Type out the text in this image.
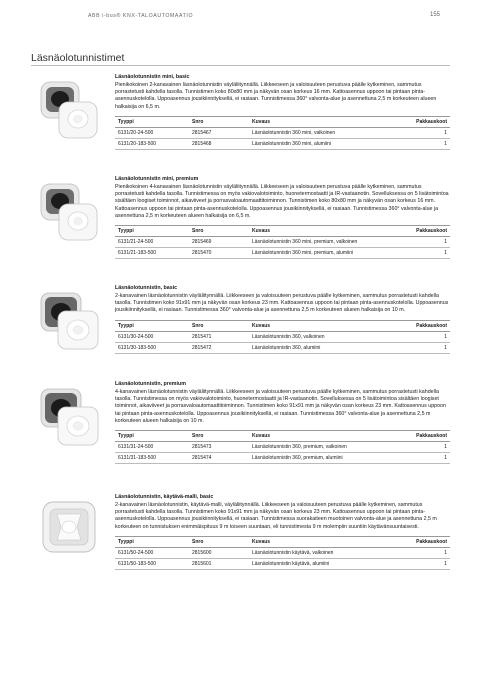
ABB i-bus® KNX-TALOAUTOMAATIO	155
Läsnäolotunnistimet
Läsnäolotunnistin mini, basic

Pienikokoinen 2-kanavainen läsnäolotunnistin väyläliitynnällä. Liikkeeseen ja valoisuuteen perustuva päälle kytkeminen, sammutus porrastetusti kahdella tasolla. Tunnistimen koko 80x80 mm ja näkyvän osan korkeus 16 mm. Kattoasennus uppoon tai pintaan pinta-asennuskotelolla. Uppoasennus jousikiinnityksellä, ei rasiaan. Tunnistimessa 360° valvonta-alue ja asennettuna 2,5 m korkeuteen alueen halkaisija on 6,5 m.

Tyyppi	Snro	Kuvaus	Pakkauskoot
6131/20-24-500	2815467	Läsnäolotunnistin 360 mini, valkoinen	1
6131/20-183-500	2815468	Läsnäolotunnistin 360 mini, alumiini	1
Läsnäolotunnistin mini, premium

Pienikokoinen 4-kanavainen läsnäolotunnistin väyläliitynnällä. Liikkeeseen ja valoisuuteen perustuva päälle kytkeminen, sammutus porrastetusti kahdella tasolla. Tunnistimessa on myös vakiovalotoiminto, huonetermostaatti ja IR-vastaanotin. Sovelluksessa on 5 lisätoimintoa sisältäen loogiset toiminnot, aikaviiveet ja porrasvaloautomaattitoiminnon. Tunnistimen koko 80x80 mm ja näkyvän osan korkeus 16 mm. Kattoasennus uppoon tai pintaan pinta-asennuskotelolla. Uppoasennus jousikiinnityksellä, ei rasiaan. Tunnistimessa 360° valvonta-alue ja asennettuna 2,5 m korkeuteen alueen halkaisija on 6,5 m.

Tyyppi	Snro	Kuvaus	Pakkauskoot
6131/21-24-500	2815469	Läsnäolotunnistin 360 mini, premium, valkoinen	1
6131/21-183-500	2815470	Läsnäolotunnistin 360 mini, premium, alumiini	1
Läsnäolotunnistin, basic

2-kanavainen läsnäolotunnistin väyläliitynnällä. Liikkeeseen ja valoisuuteen perustuva päälle kytkeminen, sammutus porrastetusti kahdella tasolla. Tunnistimen koko 91x91 mm ja näkyvän osan korkeus 23 mm. Kattoasennus uppoon tai pintaan pinta-asennuskotelolla. Uppoasennus jousikiinnityksellä, ei rasiaan. Tunnistimessa 360° valvonta-alue ja asennettuna 2,5 m korkeuteen alueen halkaisija on 10 m.

Tyyppi	Snro	Kuvaus	Pakkauskoot
6131/30-24-500	2815471	Läsnäolotunnistin 360, valkoinen	1
6131/30-183-500	2815472	Läsnäolotunnistin 360, alumiini	1
Läsnäolotunnistin, premium

4-kanavainen läsnäolotunnistin väyläliitynnällä. Liikkeeseen ja valoisuuteen perustuva päälle kytkeminen, sammutus porrastetusti kahdella tasolla. Tunnistimessa on myös vakiovalotoiminto, huonetermostaatti ja IR-vastaanotin. Sovelluksessa on 5 lisätoimintoa sisältäen loogiset toiminnot, aikaviiveet ja porrasvaloautomaattitoiminnon. Tunnistimen koko 91x91 mm ja näkyvän osan korkeus 23 mm. Kattoasennus uppoon tai pintaan pinta-asennuskotelolla. Uppoasennus jousikiinnityksellä, ei rasiaan. Tunnistimessa 360° valvonta-alue ja asennettuna 2,5 m korkeuteen alueen halkaisija on 10 m.

Tyyppi	Snro	Kuvaus	Pakkauskoot
6131/31-24-500	2815473	Läsnäolotunnistin 360, premium, valkoinen	1
6131/31-183-500	2815474	Läsnäolotunnistin 360, premium, alumiini	1
Läsnäolotunnistin, käytävä-malli, basic

2-kanavainen läsnäolotunnistin, käytävä-malli, väyläliitynnällä. Liikkeeseen ja valoisuuteen perustuva päälle kytkeminen, sammutus porrastetusti kahdella tasolla. Tunnistimen koko 91x91 mm ja näkyvän osan korkeus 23 mm. Kattoasennus uppoon tai pintaan pinta-asennuskotelolla. Uppoasennus jousikiinnityksellä, ei rasiaan. Tunnistimessa suorakaiteen muotoinen valvonta-alue ja asennettuna 2,5 m korkeuteen on tunnistuksen enimmäispituus 9 m toiseen suuntaan, eli tunnistimesta 9 m molempiin suuntiin käytävänsuuntaisesti.

Tyyppi	Snro	Kuvaus	Pakkauskoot
6131/50-24-500	2815600	Läsnäolotunnistin käytävä, valkoinen	1
6131/50-183-500	2815601	Läsnäolotunnistin käytävä, alumiini	1
